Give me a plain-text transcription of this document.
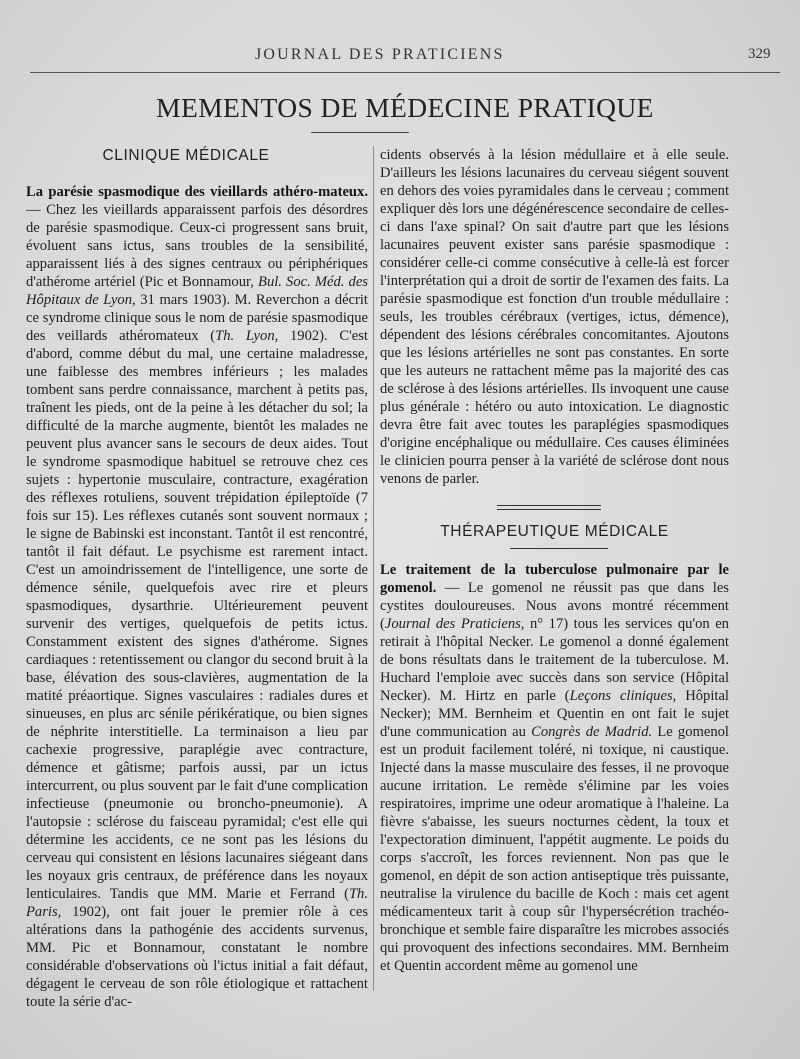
JOURNAL DES PRATICIENS	329
MEMENTOS DE MÉDECINE PRATIQUE
CLINIQUE MÉDICALE

La parésie spasmodique des vieillards athéro-mateux.— Chez les vieillards apparaissent parfois des désordres de parésie spasmodique. Ceux-ci progressent sans bruit, évoluent sans ictus, sans troubles de la sensibilité, apparaissent liés à des signes centraux ou périphériques d'athérome artériel (Pic et Bonnamour, Bul. Soc. Méd. des Hôpitaux de Lyon, 31 mars 1903). M. Reverchon a décrit ce syndrome clinique sous le nom de parésie spasmodique des veillards athéromateux (Th. Lyon, 1902). C'est d'abord, comme début du mal, une certaine maladresse, une faiblesse des membres inférieurs ; les malades tombent sans perdre connaissance, marchent à petits pas, traînent les pieds, ont de la peine à les détacher du sol; la difficulté de la marche augmente, bientôt les malades ne peuvent plus avancer sans le secours de deux aides. Tout le syndrome spasmodique habituel se retrouve chez ces sujets : hypertonie musculaire, contracture, exagération des réflexes rotuliens, souvent trépidation épileptoïde (7 fois sur 15). Les réflexes cutanés sont souvent normaux ; le signe de Babinski est inconstant. Tantôt il est rencontré, tantôt il fait défaut. Le psychisme est rarement intact. C'est un amoindrissement de l'intelligence, une sorte de démence sénile, quelquefois avec rire et pleurs spasmodiques, dysarthrie. Ultérieurement peuvent survenir des vertiges, quelquefois de petits ictus. Constamment existent des signes d'athérome. Signes cardiaques : retentissement ou clangor du second bruit à la base, élévation des sous-clavières, augmentation de la matité préaortique. Signes vasculaires : radiales dures et sinueuses, en plus arc sénile périkératique, ou bien signes de néphrite interstitielle. La terminaison a lieu par cachexie progressive, paraplégie avec contracture, démence et gâtisme; parfois aussi, par un ictus intercurrent, ou plus souvent par le fait d'une complication infectieuse (pneumonie ou broncho-pneumonie). A l'autopsie : sclérose du faisceau pyramidal; c'est elle qui détermine les accidents, ce ne sont pas les lésions du cerveau qui consistent en lésions lacunaires siégeant dans les noyaux gris centraux, de préférence dans les noyaux lenticulaires. Tandis que MM. Marie et Ferrand (Th. Paris, 1902), ont fait jouer le premier rôle à ces altérations dans la pathogénie des accidents survenus, MM. Pic et Bonnamour, constatant le nombre considérable d'observations où l'ictus initial a fait défaut, dégagent le cerveau de son rôle étiologique et rattachent toute la série d'ac-

cidents observés à la lésion médullaire et à elle seule. D'ailleurs les lésions lacunaires du cerveau siégent souvent en dehors des voies pyramidales dans le cerveau ; comment expliquer dès lors une dégénérescence secondaire de celles-ci dans l'axe spinal? On sait d'autre part que les lésions lacunaires peuvent exister sans parésie spasmodique : considérer celle-ci comme consécutive à celle-là est forcer l'interprétation qui a droit de sortir de l'examen des faits. La parésie spasmodique est fonction d'un trouble médullaire : seuls, les troubles cérébraux (vertiges, ictus, démence), dépendent des lésions cérébrales concomitantes. Ajoutons que les lésions artérielles ne sont pas constantes. En sorte que les auteurs ne rattachent même pas la majorité des cas de sclérose à des lésions artérielles. Ils invoquent une cause plus générale : hétéro ou auto intoxication. Le diagnostic devra être fait avec toutes les paraplégies spasmodiques d'origine encéphalique ou médullaire. Ces causes éliminées le clinicien pourra penser à la variété de sclérose dont nous venons de parler.

THÉRAPEUTIQUE MÉDICALE

Le traitement de la tuberculose pulmonaire par le gomenol. — Le gomenol ne réussit pas que dans les cystites douloureuses. Nous avons montré récemment (Journal des Praticiens, n° 17) tous les services qu'on en retirait à l'hôpital Necker. Le gomenol a donné également de bons résultats dans le traitement de la tuberculose. M. Huchard l'emploie avec succès dans son service (Hôpital Necker). M. Hirtz en parle (Leçons cliniques, Hôpital Necker); MM. Bernheim et Quentin en ont fait le sujet d'une communication au Congrès de Madrid. Le gomenol est un produit facilement toléré, ni toxique, ni caustique. Injecté dans la masse musculaire des fesses, il ne provoque aucune irritation. Le remède s'élimine par les voies respiratoires, imprime une odeur aromatique à l'haleine. La fièvre s'abaisse, les sueurs nocturnes cèdent, la toux et l'expectoration diminuent, l'appétit augmente. Le poids du corps s'accroît, les forces reviennent. Non pas que le gomenol, en dépit de son action antiseptique très puissante, neutralise la virulence du bacille de Koch : mais cet agent médicamenteux tarit à coup sûr l'hypersécrétion trachéo-bronchique et semble faire disparaître les microbes associés qui provoquent des infections secondaires. MM. Bernheim et Quentin accordent même au gomenol une
